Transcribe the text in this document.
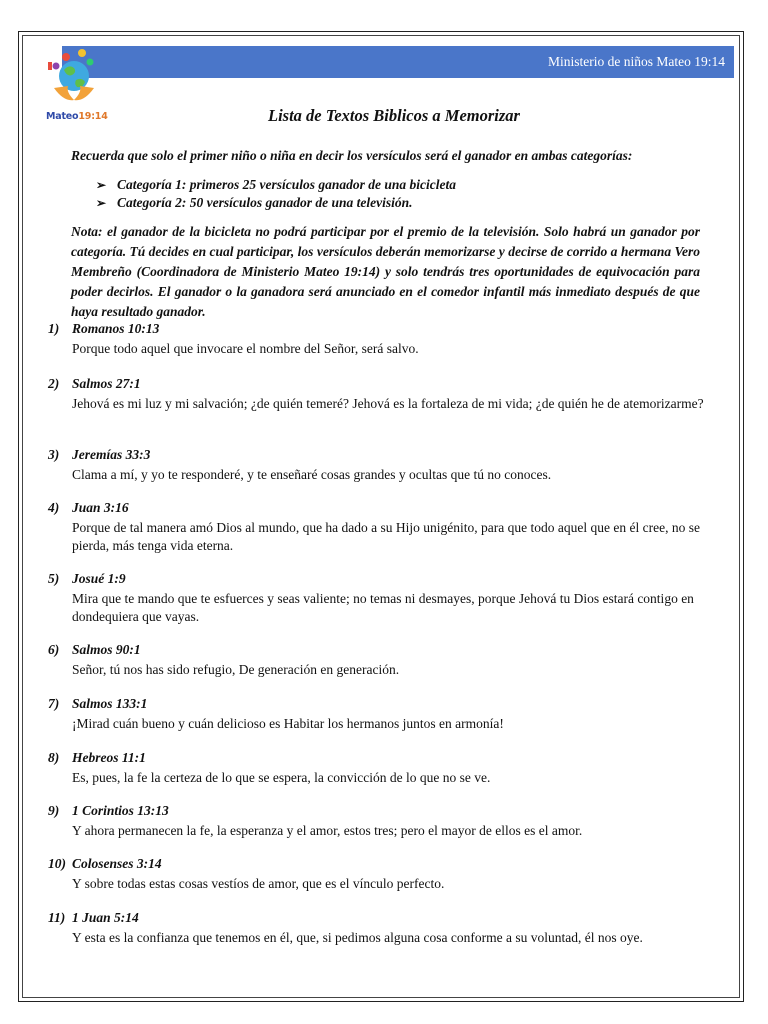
Ministerio de niños Mateo 19:14
Mateo19:14	Lista de Textos Biblicos a Memorizar
Recuerda que solo el primer niño o niña en decir los versículos será el ganador en ambas categorías:
➢ Categoría 1: primeros 25 versículos ganador de una bicicleta
➢ Categoría 2: 50 versículos ganador de una televisión.

Nota: el ganador de la bicicleta no podrá participar por el premio de la televisión. Solo habrá un ganador por categoría. Tú decides en cual participar, los versículos deberán memorizarse y decirse de corrido a hermana Vero Membreño (Coordinadora de Ministerio Mateo 19:14) y solo tendrás tres oportunidades de equivocación para poder decirlos. El ganador o la ganadora será anunciado en el comedor infantil más inmediato después de que haya resultado ganador.

1) Romanos 10:13
Porque todo aquel que invocare el nombre del Señor, será salvo.
2) Salmos 27:1
Jehová es mi luz y mi salvación; ¿de quién temeré? Jehová es la fortaleza de mi vida; ¿de quién he de atemorizarme?
3) Jeremías 33:3
Clama a mí, y yo te responderé, y te enseñaré cosas grandes y ocultas que tú no conoces.
4) Juan 3:16
Porque de tal manera amó Dios al mundo, que ha dado a su Hijo unigénito, para que todo aquel que en él cree, no se pierda, más tenga vida eterna.
5) Josué 1:9
Mira que te mando que te esfuerces y seas valiente; no temas ni desmayes, porque Jehová tu Dios estará contigo en dondequiera que vayas.
6) Salmos 90:1
Señor, tú nos has sido refugio, De generación en generación.
7) Salmos 133:1
¡Mirad cuán bueno y cuán delicioso es Habitar los hermanos juntos en armonía!
8) Hebreos 11:1
Es, pues, la fe la certeza de lo que se espera, la convicción de lo que no se ve.
9) 1 Corintios 13:13
Y ahora permanecen la fe, la esperanza y el amor, estos tres; pero el mayor de ellos es el amor.
10) Colosenses 3:14
Y sobre todas estas cosas vestíos de amor, que es el vínculo perfecto.
11) 1 Juan 5:14
Y esta es la confianza que tenemos en él, que, si pedimos alguna cosa conforme a su voluntad, él nos oye.
